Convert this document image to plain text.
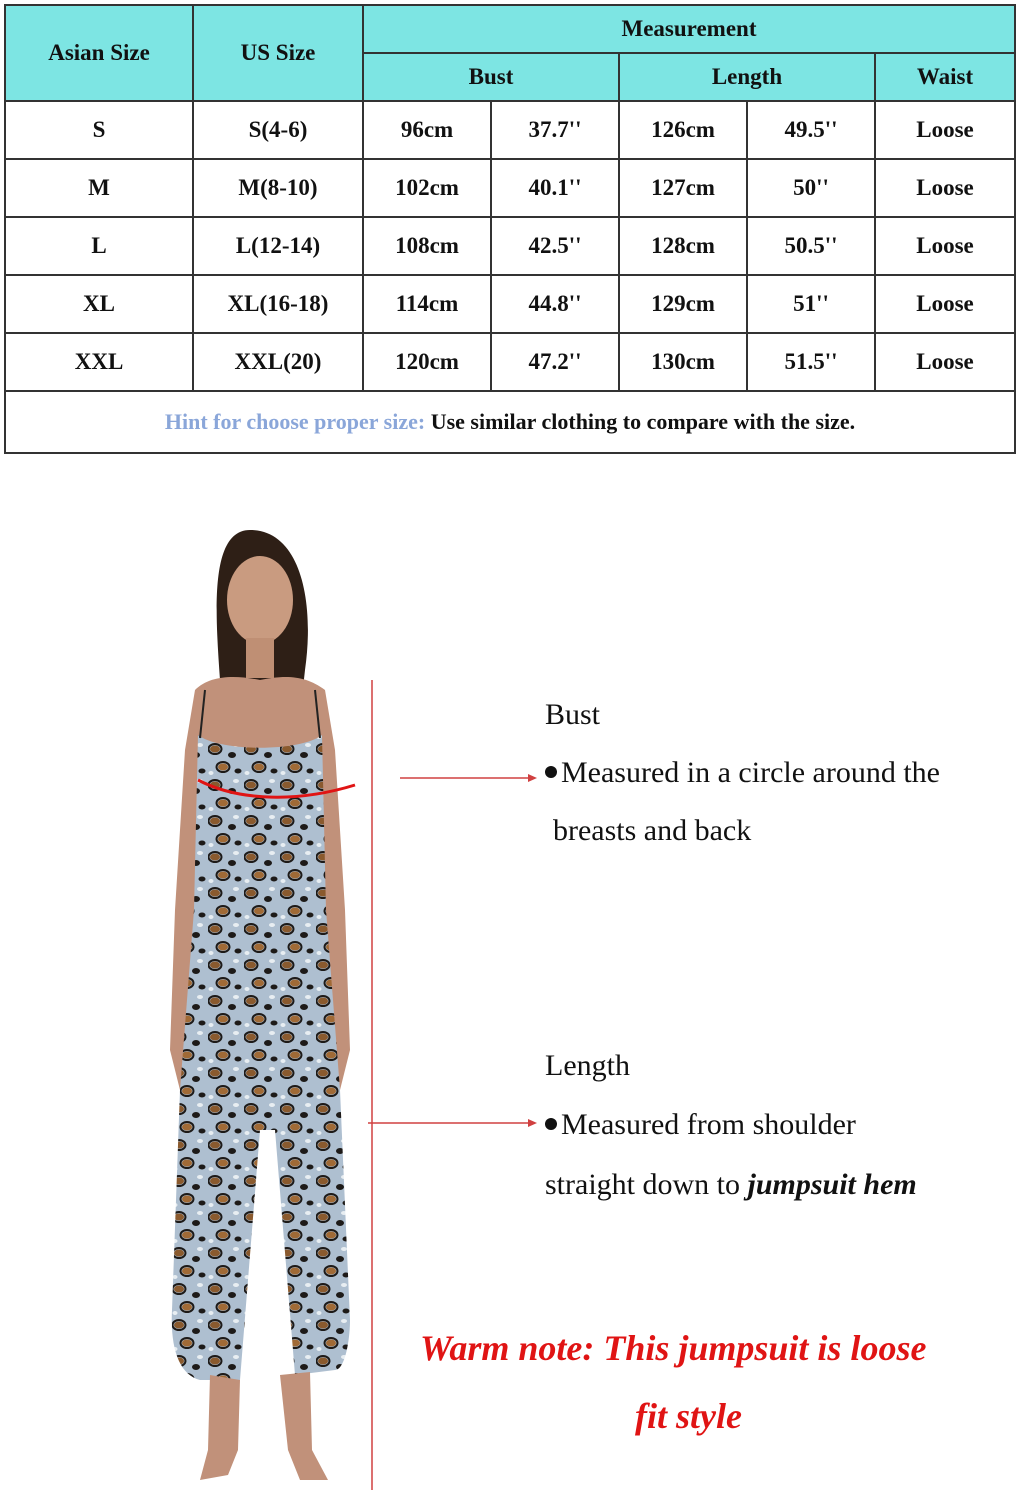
Asian Size	US Size	Measurement				
		Bust		Length		Waist
S	S(4-6)	96cm	37.7''	126cm	49.5''	Loose
M	M(8-10)	102cm	40.1''	127cm	50''	Loose
L	L(12-14)	108cm	42.5''	128cm	50.5''	Loose
XL	XL(16-18)	114cm	44.8''	129cm	51''	Loose
XXL	XXL(20)	120cm	47.2''	130cm	51.5''	Loose
Hint for choose proper size: Use similar clothing to compare with the size.						
Bust
Measured in a circle around the
breasts and back
Length
Measured from shoulder
straight down to jumpsuit hem
Warm note: This jumpsuit is loose
fit style
